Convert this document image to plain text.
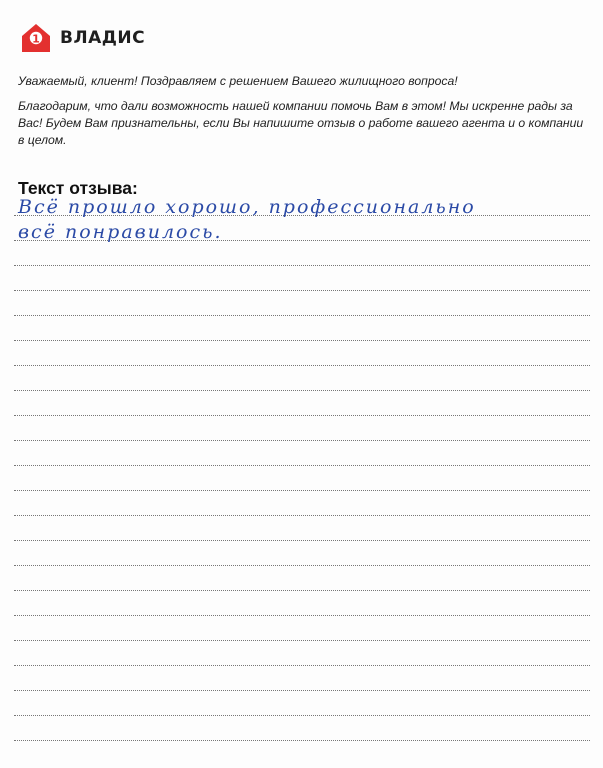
1 ВЛАДИС

Уважаемый, клиент! Поздравляем с решением Вашего жилищного вопроса!

Благодарим, что дали возможность нашей компании помочь Вам в этом! Мы искренне рады за Вас! Будем Вам признательны, если Вы напишите отзыв о работе вашего агента и о компании в целом.

Текст отзыва:
Всё прошло хорошо, профессионально
всё понравилось.
